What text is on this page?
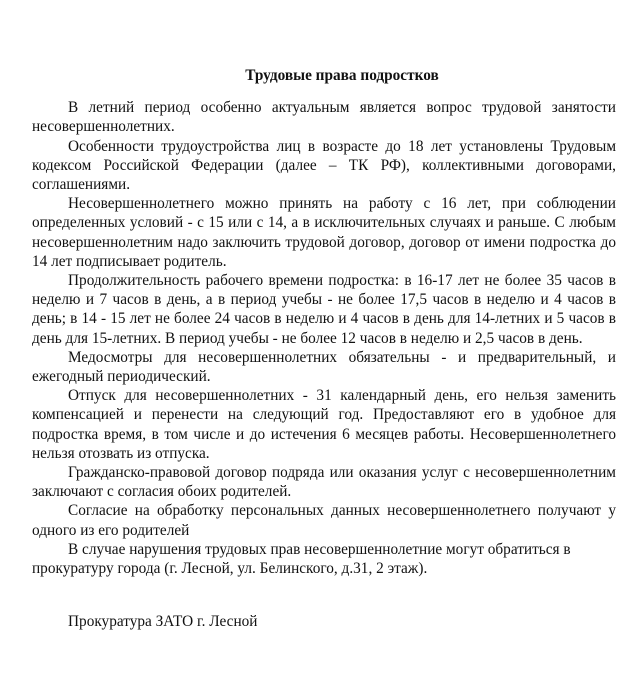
Трудовые права подростков

В летний период особенно актуальным является вопрос трудовой занятости несовершеннолетних.

Особенности трудоустройства лиц в возрасте до 18 лет установлены Трудовым кодексом Российской Федерации (далее – ТК РФ), коллективными договорами, соглашениями.

Несовершеннолетнего можно принять на работу с 16 лет, при соблюдении определенных условий - с 15 или с 14, а в исключительных случаях и раньше. С любым несовершеннолетним надо заключить трудовой договор, договор от имени подростка до 14 лет подписывает родитель.

Продолжительность рабочего времени подростка: в 16-17 лет не более 35 часов в неделю и 7 часов в день, а в период учебы - не более 17,5 часов в неделю и 4 часов в день; в 14 - 15 лет не более 24 часов в неделю и 4 часов в день для 14-летних и 5 часов в день для 15-летних. В период учебы - не более 12 часов в неделю и 2,5 часов в день.

Медосмотры для несовершеннолетних обязательны - и предварительный, и ежегодный периодический.

Отпуск для несовершеннолетних - 31 календарный день, его нельзя заменить компенсацией и перенести на следующий год. Предоставляют его в удобное для подростка время, в том числе и до истечения 6 месяцев работы. Несовершеннолетнего нельзя отозвать из отпуска.

Гражданско-правовой договор подряда или оказания услуг с несовершеннолетним заключают с согласия обоих родителей.

Согласие на обработку персональных данных несовершеннолетнего получают у одного из его родителей

В случае нарушения трудовых прав несовершеннолетние могут обратиться в прокуратуру города (г. Лесной, ул. Белинского, д.31, 2 этаж).

Прокуратура ЗАТО г. Лесной
